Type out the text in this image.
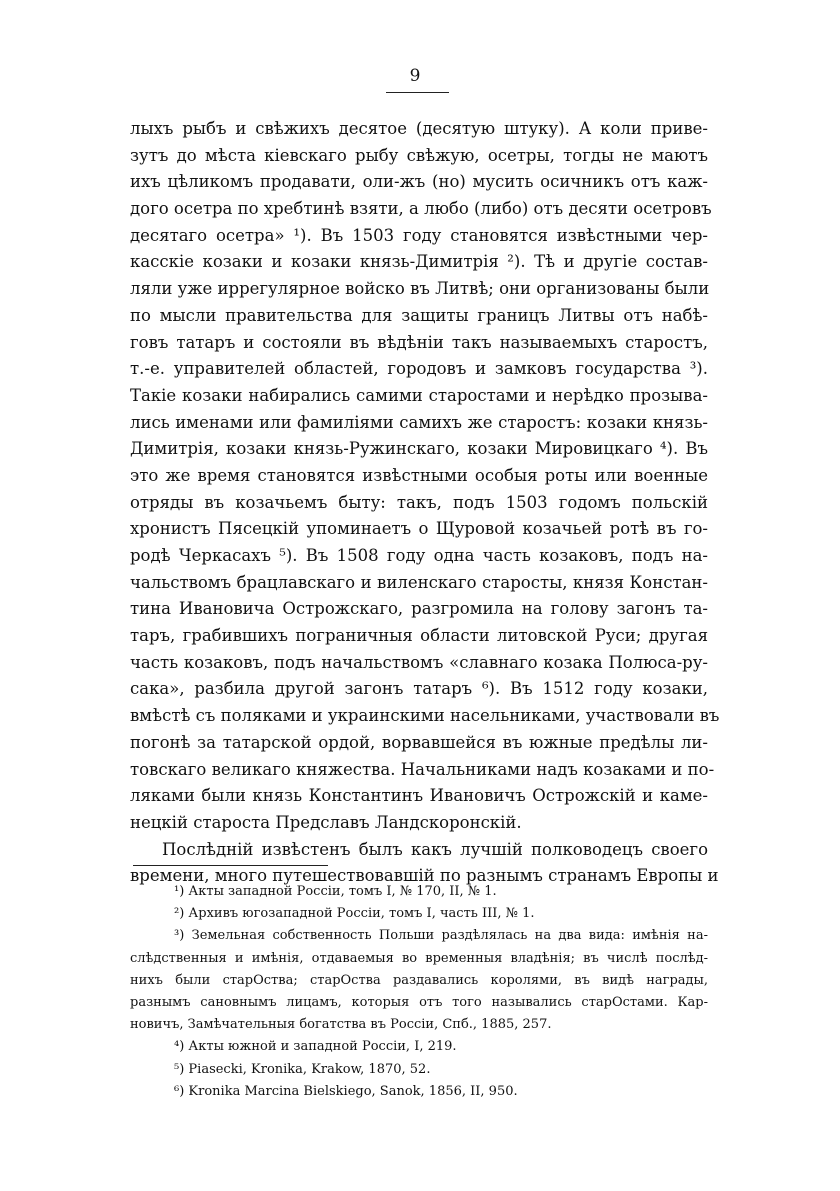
9
лыхъ рыбъ и свѣжихъ десятое (десятую штуку). А коли приве-
зутъ до мѣста кіевскаго рыбу свѣжую, осетры, тогды не маютъ
ихъ цѣликомъ продавати, оли-жъ (но) мусить осичникъ отъ каж-
дого осетра по хребтинѣ взяти, а любо (либо) отъ десяти осетровъ
десятаго осетра» ¹). Въ 1503 году становятся извѣстными чер-
касскіе козаки и козаки князь-Димитрія ²). Тѣ и другіе состав-
ляли уже иррегулярное войско въ Литвѣ; они организованы были
по мысли правительства для защиты границъ Литвы отъ набѣ-
говъ татаръ и состояли въ вѣдѣніи такъ называемыхъ старостъ,
т.-е. управителей областей, городовъ и замковъ государства ³).
Такіе козаки набирались самими старостами и нерѣдко прозыва-
лись именами или фамиліями самихъ же старостъ: козаки князь-
Димитрія, козаки князь-Ружинскаго, козаки Мировицкаго ⁴). Въ
это же время становятся извѣстными особыя роты или военные
отряды въ козачьемъ быту: такъ, подъ 1503 годомъ польскій
хронистъ Пясецкій упоминаетъ о Щуровой козачьей ротѣ въ го-
родѣ Черкасахъ ⁵). Въ 1508 году одна часть козаковъ, подъ на-
чальствомъ брацлавскаго и виленскаго старосты, князя Констан-
тина Ивановича Острожскаго, разгромила на голову загонъ та-
таръ, грабившихъ пограничныя области литовской Руси; другая
часть козаковъ, подъ начальствомъ «славнаго козака Полюса-ру-
сака», разбила другой загонъ татаръ ⁶). Въ 1512 году козаки,
вмѣстѣ съ поляками и украинскими насельниками, участвовали въ
погонѣ за татарской ордой, ворвавшейся въ южные предѣлы ли-
товскаго великаго княжества. Начальниками надъ козаками и по-
ляками были князь Константинъ Ивановичъ Острожскій и каме-
нецкій староста Предславъ Ландскоронскій.
Послѣдній извѣстенъ былъ какъ лучшій полководецъ своего
времени, много путешествовавшій по разнымъ странамъ Европы и
¹) Акты западной Россіи, томъ I, № 170, II, № 1.
²) Архивъ югозападной Россіи, томъ I, часть III, № 1.
³) Земельная собственность Польши раздѣлялась на два вида: имѣнія на-
слѣдственныя и имѣнія, отдаваемыя во временныя владѣнія; въ числѣ послѣд-
нихъ были старОства; старОства раздавались королями, въ видѣ награды,
разнымъ сановнымъ лицамъ, которыя отъ того назывались старОстами. Кар-
новичъ, Замѣчательныя богатства въ Россіи, Спб., 1885, 257.
⁴) Акты южной и западной Россіи, I, 219.
⁵) Piasecki, Kronika, Krakow, 1870, 52.
⁶) Kronika Marcina Bielskiego, Sanok, 1856, II, 950.
